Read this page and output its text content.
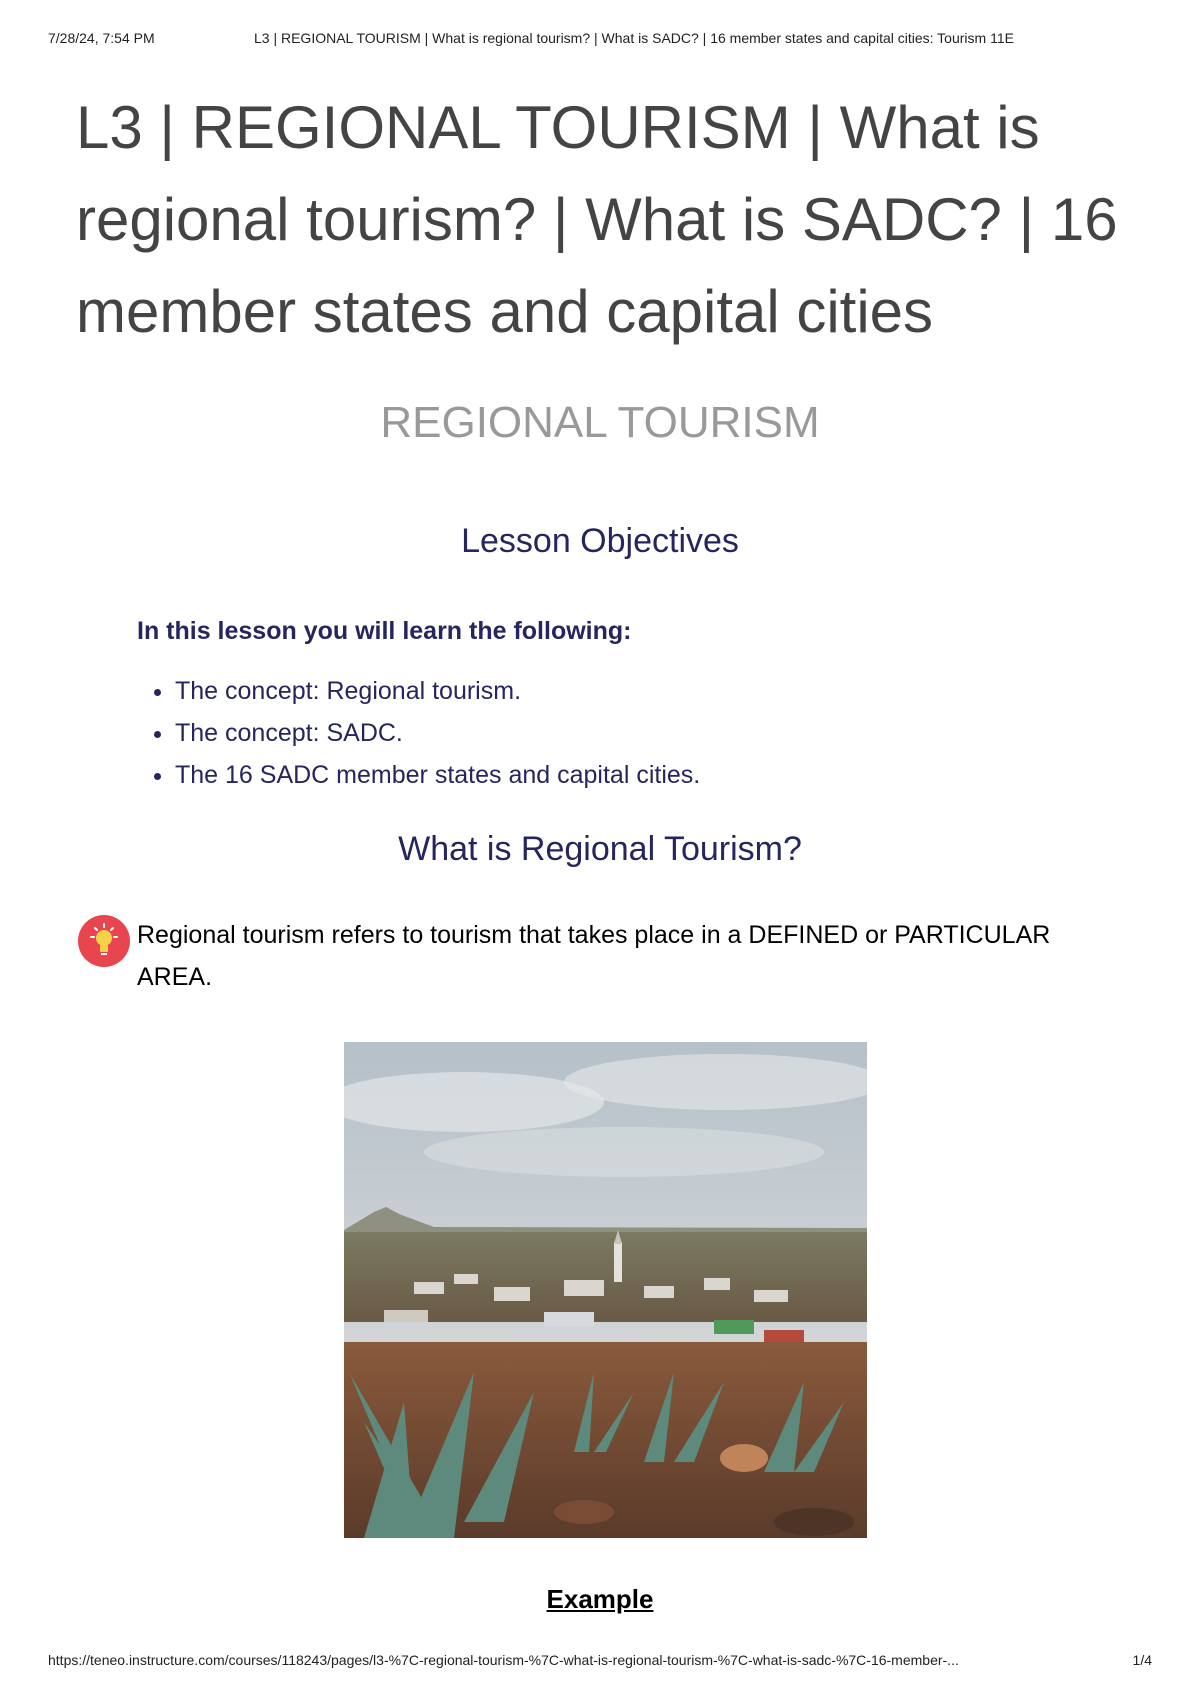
7/28/24, 7:54 PM	L3 | REGIONAL TOURISM | What is regional tourism? | What is SADC? | 16 member states and capital cities: Tourism 11E
L3 | REGIONAL TOURISM | What is regional tourism? | What is SADC? | 16 member states and capital cities
REGIONAL TOURISM
Lesson Objectives

In this lesson you will learn the following:

• The concept: Regional tourism.
• The concept: SADC.
• The 16 SADC member states and capital cities.
What is Regional Tourism?

Regional tourism refers to tourism that takes place in a DEFINED or PARTICULAR AREA.

Example

https://teneo.instructure.com/courses/118243/pages/l3-%7C-regional-tourism-%7C-what-is-regional-tourism-%7C-what-is-sadc-%7C-16-member-...	1/4
